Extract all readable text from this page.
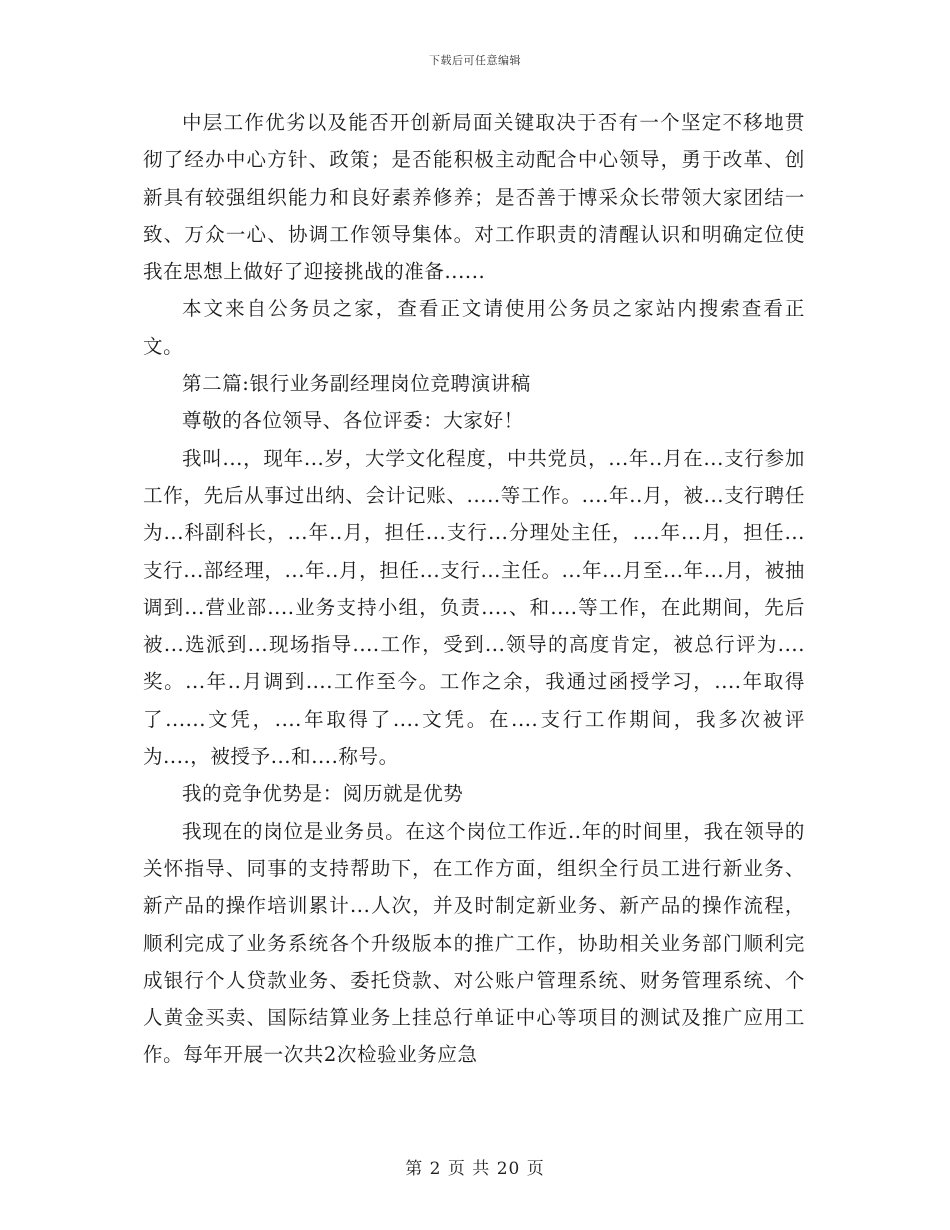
下载后可任意编辑

中层工作优劣以及能否开创新局面关键取决于否有一个坚定不移地贯彻了经办中心方针、政策；是否能积极主动配合中心领导，勇于改革、创新具有较强组织能力和良好素养修养；是否善于博采众长带领大家团结一致、万众一心、协调工作领导集体。对工作职责的清醒认识和明确定位使我在思想上做好了迎接挑战的准备......

本文来自公务员之家，查看正文请使用公务员之家站内搜索查看正文。

第二篇:银行业务副经理岗位竞聘演讲稿

尊敬的各位领导、各位评委：大家好！

我叫...，现年...岁，大学文化程度，中共党员，...年..月在...支行参加工作，先后从事过出纳、会计记账、.....等工作。....年..月，被...支行聘任为...科副科长，...年..月，担任...支行...分理处主任，....年...月，担任...支行...部经理，...年..月，担任...支行...主任。...年...月至...年...月，被抽调到...营业部....业务支持小组，负责....、和....等工作，在此期间，先后被...选派到...现场指导....工作，受到...领导的高度肯定，被总行评为....奖。...年..月调到....工作至今。工作之余，我通过函授学习，....年取得了......文凭，....年取得了....文凭。在....支行工作期间，我多次被评为....，被授予...和....称号。

我的竞争优势是：阅历就是优势

我现在的岗位是业务员。在这个岗位工作近..年的时间里，我在领导的关怀指导、同事的支持帮助下，在工作方面，组织全行员工进行新业务、新产品的操作培训累计...人次，并及时制定新业务、新产品的操作流程，顺利完成了业务系统各个升级版本的推广工作，协助相关业务部门顺利完成银行个人贷款业务、委托贷款、对公账户管理系统、财务管理系统、个人黄金买卖、国际结算业务上挂总行单证中心等项目的测试及推广应用工作。每年开展一次共2次检验业务应急

第 2 页 共 20 页
